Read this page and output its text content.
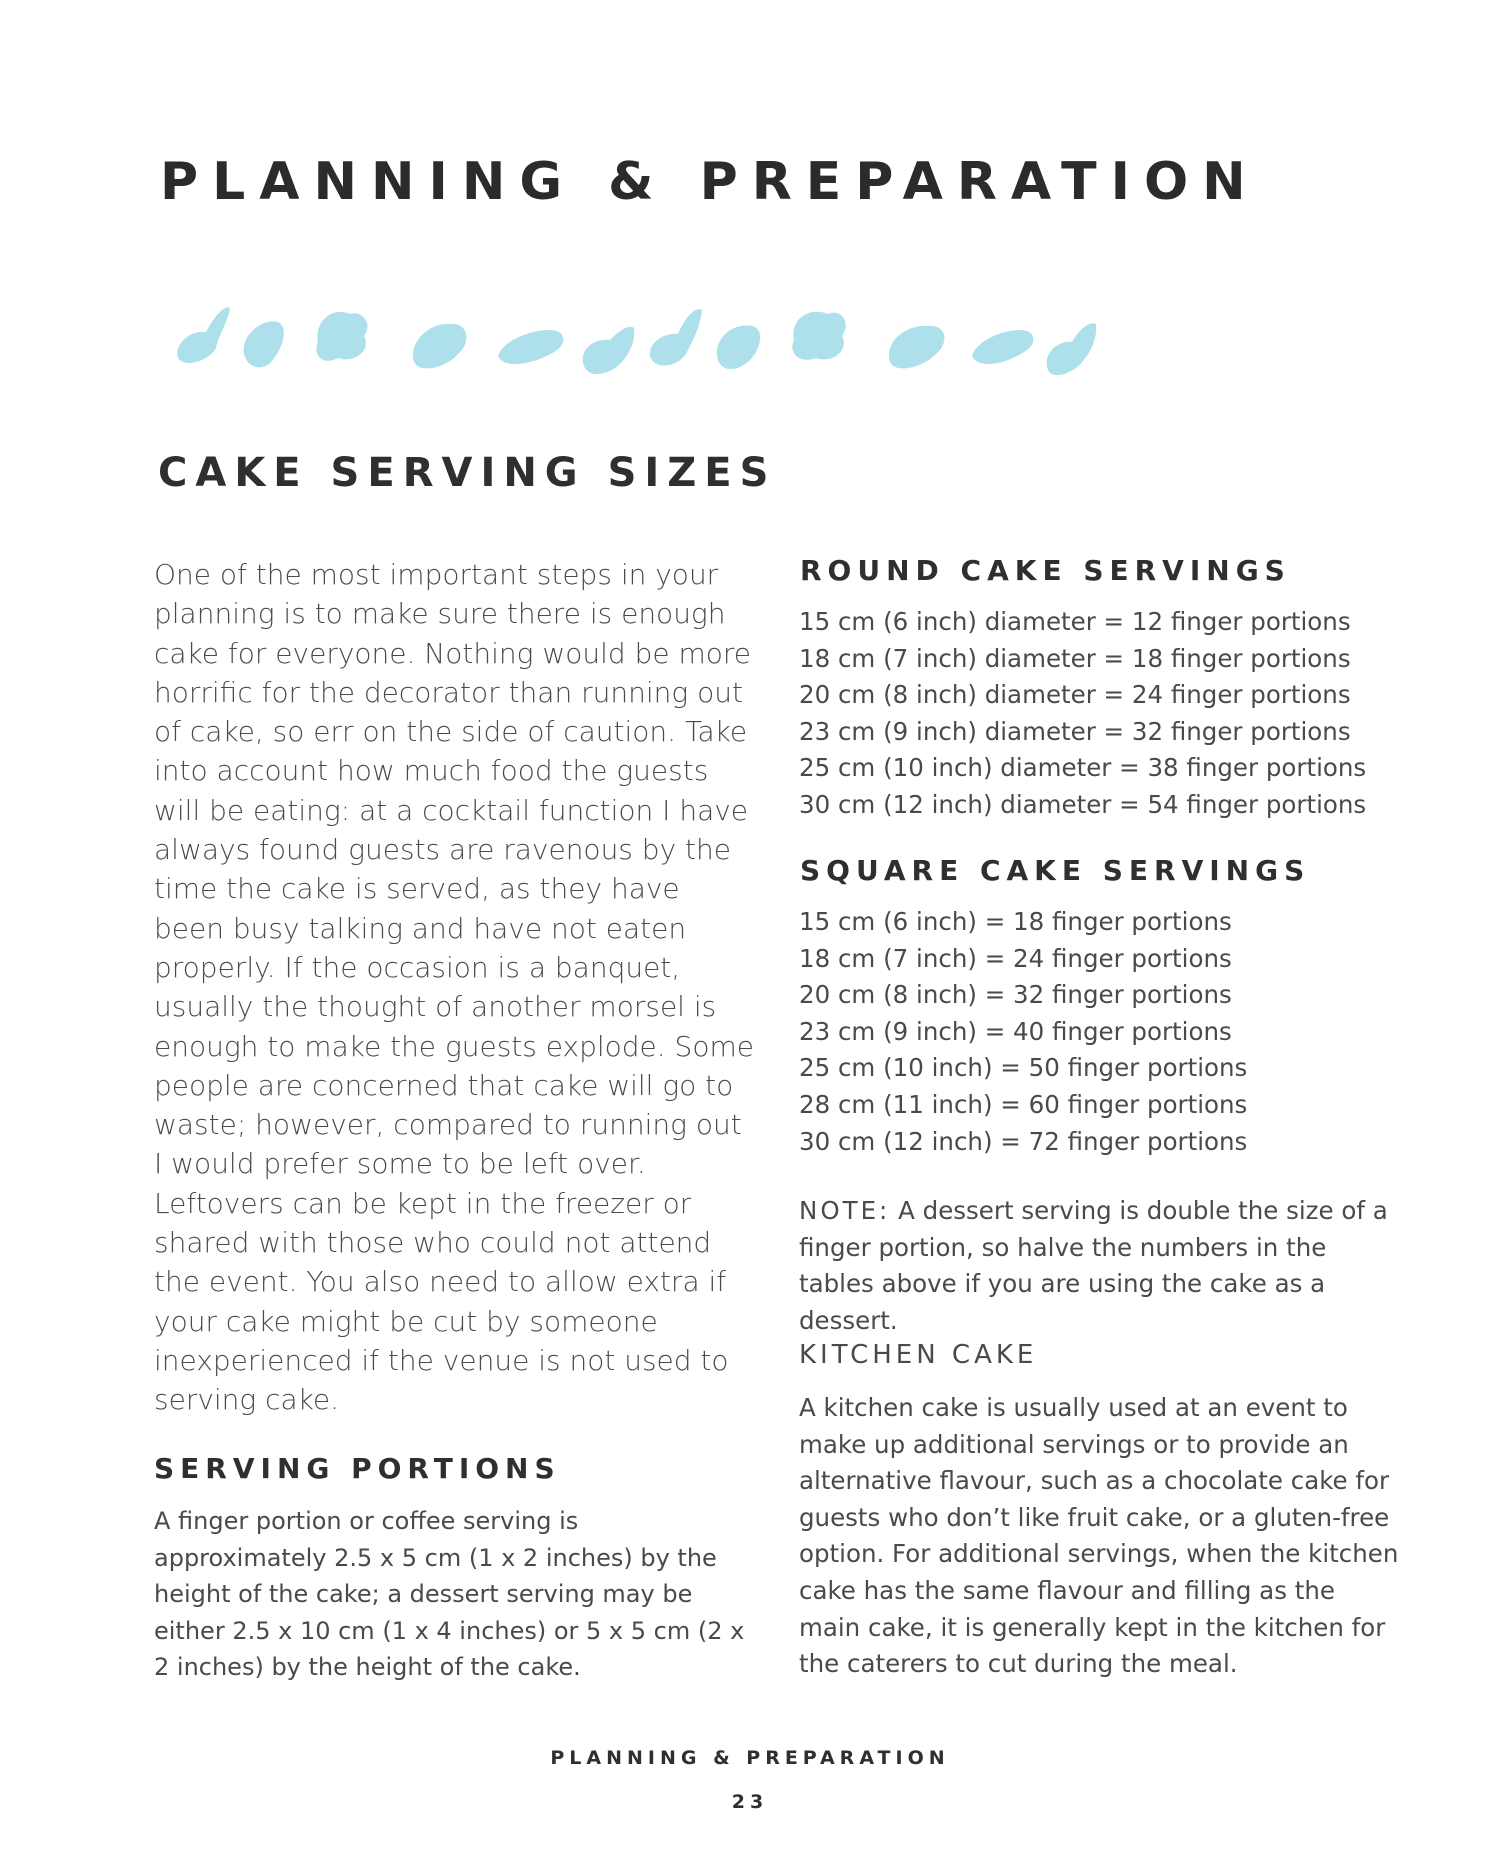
PLANNING & PREPARATION
CAKE SERVING SIZES

One of the most important steps in your planning is to make sure there is enough cake for everyone. Nothing would be more horrific for the decorator than running out of cake, so err on the side of caution. Take into account how much food the guests will be eating: at a cocktail function I have always found guests are ravenous by the time the cake is served, as they have been busy talking and have not eaten properly. If the occasion is a banquet, usually the thought of another morsel is enough to make the guests explode. Some people are concerned that cake will go to waste; however, compared to running out I would prefer some to be left over. Leftovers can be kept in the freezer or shared with those who could not attend the event. You also need to allow extra if your cake might be cut by someone inexperienced if the venue is not used to serving cake.

SERVING PORTIONS

A finger portion or coffee serving is approximately 2.5 x 5 cm (1 x 2 inches) by the height of the cake; a dessert serving may be either 2.5 x 10 cm (1 x 4 inches) or 5 x 5 cm (2 x 2 inches) by the height of the cake.

ROUND CAKE SERVINGS
15 cm (6 inch) diameter = 12 finger portions
18 cm (7 inch) diameter = 18 finger portions
20 cm (8 inch) diameter = 24 finger portions
23 cm (9 inch) diameter = 32 finger portions
25 cm (10 inch) diameter = 38 finger portions
30 cm (12 inch) diameter = 54 finger portions
SQUARE CAKE SERVINGS
15 cm (6 inch) = 18 finger portions
18 cm (7 inch) = 24 finger portions
20 cm (8 inch) = 32 finger portions
23 cm (9 inch) = 40 finger portions
25 cm (10 inch) = 50 finger portions
28 cm (11 inch) = 60 finger portions
30 cm (12 inch) = 72 finger portions

NOTE: A dessert serving is double the size of a finger portion, so halve the numbers in the tables above if you are using the cake as a dessert.

KITCHEN CAKE

A kitchen cake is usually used at an event to make up additional servings or to provide an alternative flavour, such as a chocolate cake for guests who don’t like fruit cake, or a gluten-free option. For additional servings, when the kitchen cake has the same flavour and filling as the main cake, it is generally kept in the kitchen for the caterers to cut during the meal.

PLANNING & PREPARATION
23
